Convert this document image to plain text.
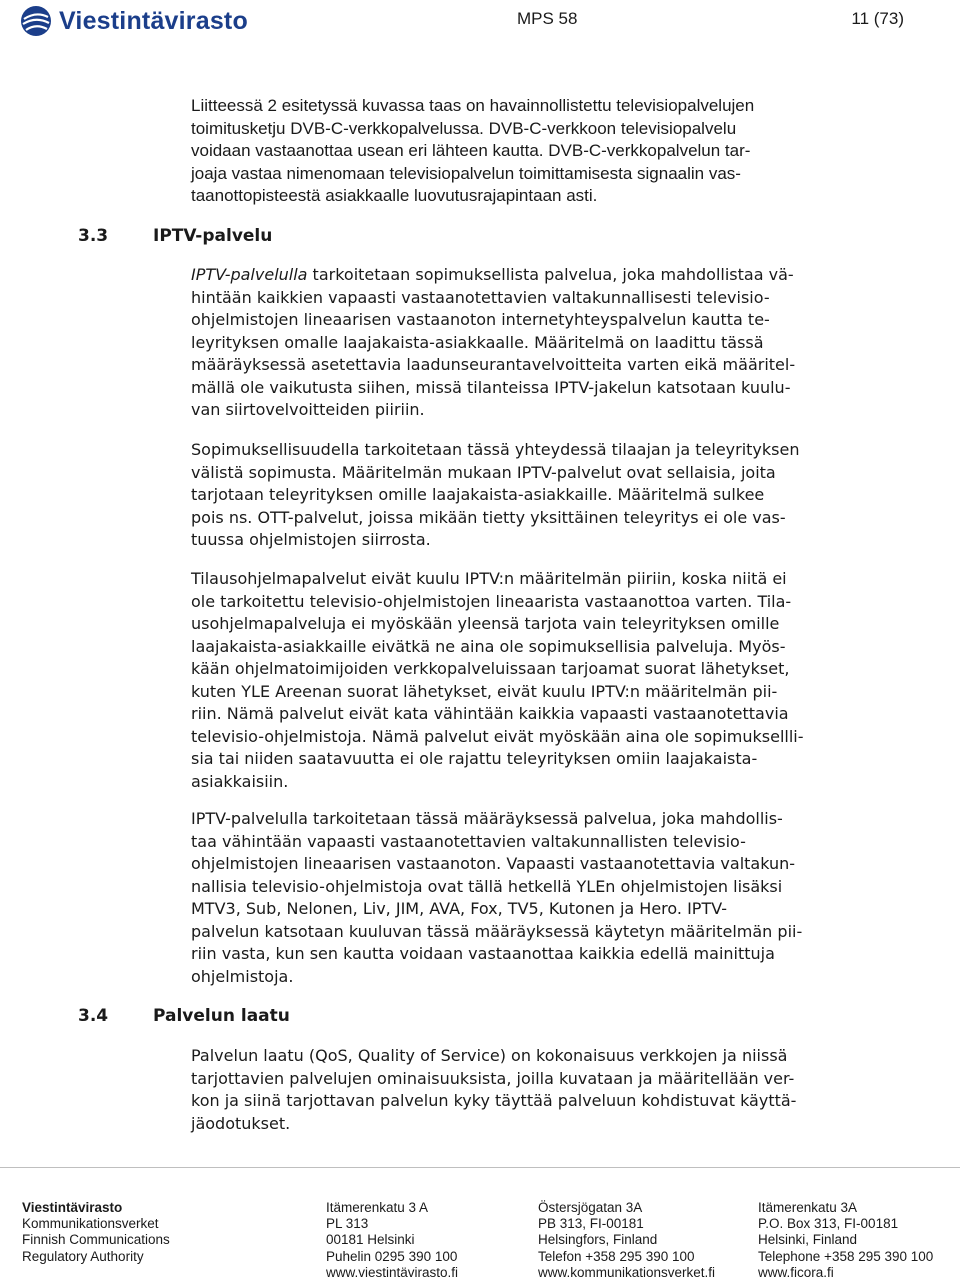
Viestintävirasto	MPS 58	11 (73)
Liitteessä 2 esitetyssä kuvassa taas on havainnollistettu televisiopalvelujen
toimitusketju DVB-C-verkkopalvelussa. DVB-C-verkkoon televisiopalvelu
voidaan vastaanottaa usean eri lähteen kautta. DVB-C-verkkopalvelun tar-
joaja vastaa nimenomaan televisiopalvelun toimittamisesta signaalin vas-
taanottopisteestä asiakkaalle luovutusrajapintaan asti.
3.3	IPTV-palvelu
IPTV-palvelulla tarkoitetaan sopimuksellista palvelua, joka mahdollistaa vä-
hintään kaikkien vapaasti vastaanotettavien valtakunnallisesti televisio-
ohjelmistojen lineaarisen vastaanoton internetyhteyspalvelun kautta te-
leyrityksen omalle laajakaista-asiakkaalle. Määritelmä on laadittu tässä
määräyksessä asetettavia laadunseurantavelvoitteita varten eikä määritel-
mällä ole vaikutusta siihen, missä tilanteissa IPTV-jakelun katsotaan kuulu-
van siirtovelvoitteiden piiriin.
Sopimuksellisuudella tarkoitetaan tässä yhteydessä tilaajan ja teleyrityksen
välistä sopimusta. Määritelmän mukaan IPTV-palvelut ovat sellaisia, joita
tarjotaan teleyrityksen omille laajakaista-asiakkaille. Määritelmä sulkee
pois ns. OTT-palvelut, joissa mikään tietty yksittäinen teleyritys ei ole vas-
tuussa ohjelmistojen siirrosta.
Tilausohjelmapalvelut eivät kuulu IPTV:n määritelmän piiriin, koska niitä ei
ole tarkoitettu televisio-ohjelmistojen lineaarista vastaanottoa varten. Tila-
usohjelmapalveluja ei myöskään yleensä tarjota vain teleyrityksen omille
laajakaista-asiakkaille eivätkä ne aina ole sopimuksellisia palveluja. Myös-
kään ohjelmatoimijoiden verkkopalveluissaan tarjoamat suorat lähetykset,
kuten YLE Areenan suorat lähetykset, eivät kuulu IPTV:n määritelmän pii-
riin. Nämä palvelut eivät kata vähintään kaikkia vapaasti vastaanotettavia
televisio-ohjelmistoja. Nämä palvelut eivät myöskään aina ole sopimuksellli-
sia tai niiden saatavuutta ei ole rajattu teleyrityksen omiin laajakaista-
asiakkaisiin.
IPTV-palvelulla tarkoitetaan tässä määräyksessä palvelua, joka mahdollis-
taa vähintään vapaasti vastaanotettavien valtakunnallisten televisio-
ohjelmistojen lineaarisen vastaanoton. Vapaasti vastaanotettavia valtakun-
nallisia televisio-ohjelmistoja ovat tällä hetkellä YLEn ohjelmistojen lisäksi
MTV3, Sub, Nelonen, Liv, JIM, AVA, Fox, TV5, Kutonen ja Hero. IPTV-
palvelun katsotaan kuuluvan tässä määräyksessä käytetyn määritelmän pii-
riin vasta, kun sen kautta voidaan vastaanottaa kaikkia edellä mainittuja
ohjelmistoja.
3.4	Palvelun laatu
Palvelun laatu (QoS, Quality of Service) on kokonaisuus verkkojen ja niissä
tarjottavien palvelujen ominaisuuksista, joilla kuvataan ja määritellään ver-
kon ja siinä tarjottavan palvelun kyky täyttää palveluun kohdistuvat käyttä-
jäodotukset.
Viestintävirasto
Kommunikationsverket
Finnish Communications
Regulatory Authority
Itämerenkatu 3 A
PL 313
00181 Helsinki
Puhelin 0295 390 100
www.viestintävirasto.fi
Östersjögatan 3A
PB 313, FI-00181
Helsingfors, Finland
Telefon +358 295 390 100
www.kommunikationsverket.fi
Itämerenkatu 3A
P.O. Box 313, FI-00181
Helsinki, Finland
Telephone +358 295 390 100
www.ficora.fi
